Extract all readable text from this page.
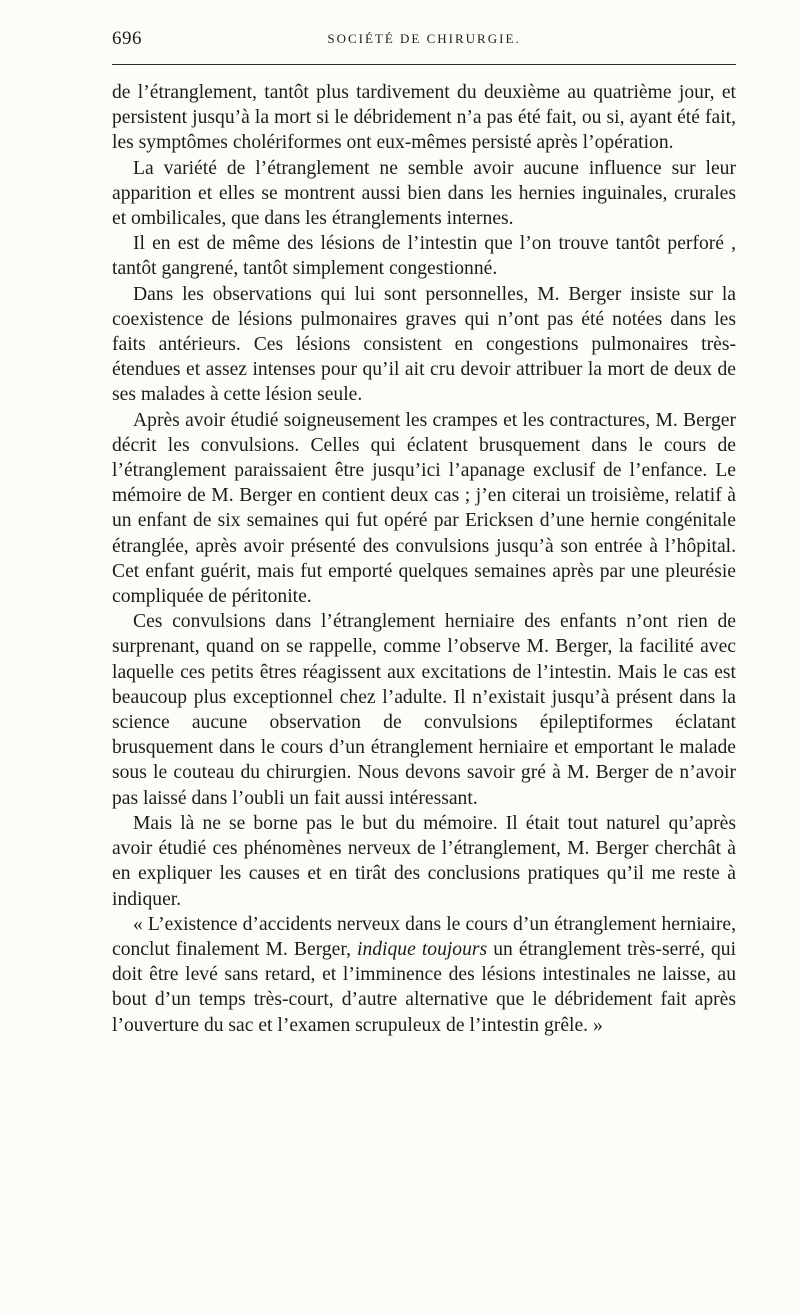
696	SOCIÉTÉ DE CHIRURGIE.

de l’étranglement, tantôt plus tardivement du deuxième au quatrième jour, et persistent jusqu’à la mort si le débridement n’a pas été fait, ou si, ayant été fait, les symptômes cholériformes ont eux-mêmes persisté après l’opération.

La variété de l’étranglement ne semble avoir aucune influence sur leur apparition et elles se montrent aussi bien dans les hernies inguinales, crurales et ombilicales, que dans les étranglements internes.

Il en est de même des lésions de l’intestin que l’on trouve tantôt perforé , tantôt gangrené, tantôt simplement congestionné.

Dans les observations qui lui sont personnelles, M. Berger insiste sur la coexistence de lésions pulmonaires graves qui n’ont pas été notées dans les faits antérieurs. Ces lésions consistent en congestions pulmonaires très-étendues et assez intenses pour qu’il ait cru devoir attribuer la mort de deux de ses malades à cette lésion seule.

Après avoir étudié soigneusement les crampes et les contractures, M. Berger décrit les convulsions. Celles qui éclatent brusquement dans le cours de l’étranglement paraissaient être jusqu’ici l’apanage exclusif de l’enfance. Le mémoire de M. Berger en contient deux cas ; j’en citerai un troisième, relatif à un enfant de six semaines qui fut opéré par Ericksen d’une hernie congénitale étranglée, après avoir présenté des convulsions jusqu’à son entrée à l’hôpital. Cet enfant guérit, mais fut emporté quelques semaines après par une pleurésie compliquée de péritonite.

Ces convulsions dans l’étranglement herniaire des enfants n’ont rien de surprenant, quand on se rappelle, comme l’observe M. Berger, la facilité avec laquelle ces petits êtres réagissent aux excitations de l’intestin. Mais le cas est beaucoup plus exceptionnel chez l’adulte. Il n’existait jusqu’à présent dans la science aucune observation de convulsions épileptiformes éclatant brusquement dans le cours d’un étranglement herniaire et emportant le malade sous le couteau du chirurgien. Nous devons savoir gré à M. Berger de n’avoir pas laissé dans l’oubli un fait aussi intéressant.

Mais là ne se borne pas le but du mémoire. Il était tout naturel qu’après avoir étudié ces phénomènes nerveux de l’étranglement, M. Berger cherchât à en expliquer les causes et en tirât des conclusions pratiques qu’il me reste à indiquer.

« L’existence d’accidents nerveux dans le cours d’un étranglement herniaire, conclut finalement M. Berger, indique toujours un étranglement très-serré, qui doit être levé sans retard, et l’imminence des lésions intestinales ne laisse, au bout d’un temps très-court, d’autre alternative que le débridement fait après l’ouverture du sac et l’examen scrupuleux de l’intestin grêle. »
